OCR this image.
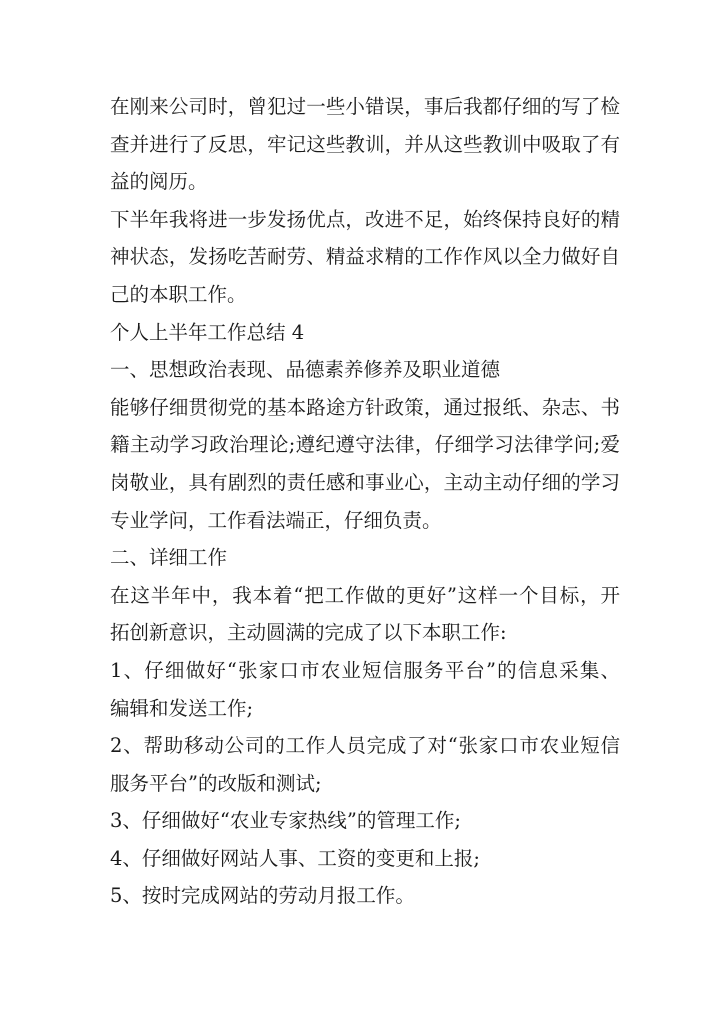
在刚来公司时，曾犯过一些小错误，事后我都仔细的写了检
查并进行了反思，牢记这些教训，并从这些教训中吸取了有
益的阅历。
下半年我将进一步发扬优点，改进不足，始终保持良好的精
神状态，发扬吃苦耐劳、精益求精的工作作风以全力做好自
己的本职工作。
个人上半年工作总结 4
一、思想政治表现、品德素养修养及职业道德
能够仔细贯彻党的基本路途方针政策，通过报纸、杂志、书
籍主动学习政治理论;遵纪遵守法律，仔细学习法律学问;爱
岗敬业，具有剧烈的责任感和事业心，主动主动仔细的学习
专业学问，工作看法端正，仔细负责。
二、详细工作
在这半年中，我本着“把工作做的更好”这样一个目标，开
拓创新意识，主动圆满的完成了以下本职工作:
1、仔细做好“张家口市农业短信服务平台”的信息采集、
编辑和发送工作;
2、帮助移动公司的工作人员完成了对“张家口市农业短信
服务平台”的改版和测试;
3、仔细做好“农业专家热线”的管理工作;
4、仔细做好网站人事、工资的变更和上报;
5、按时完成网站的劳动月报工作。
